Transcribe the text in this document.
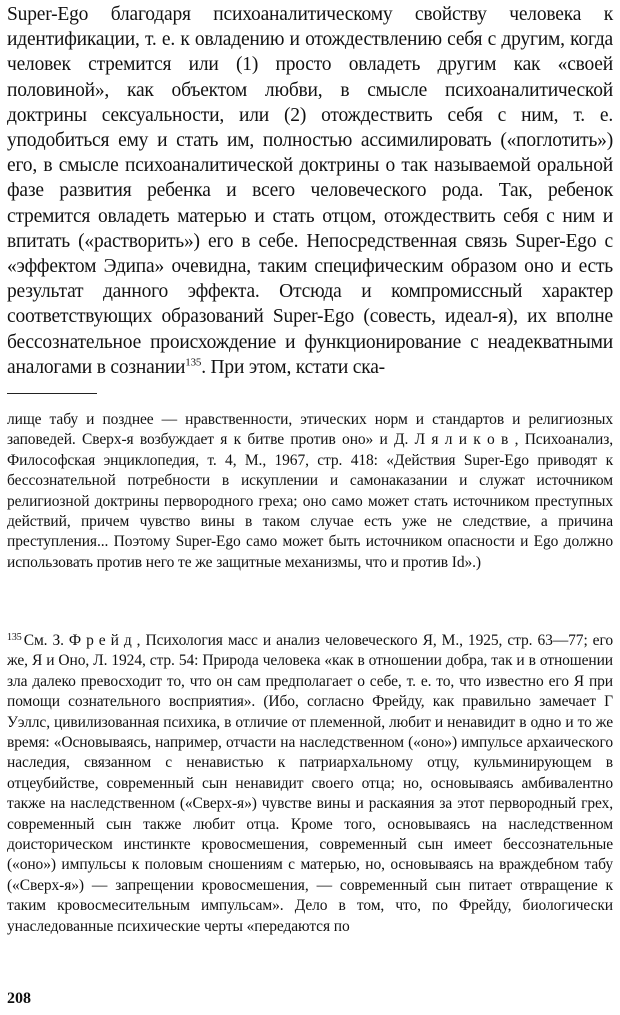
Super-Ego благодаря психоаналитическому свойству человека к идентификации, т. е. к овладению и отождествлению себя с другим, когда человек стремится или (1) просто овладеть другим как «своей половиной», как объектом любви, в смысле психоаналитической доктрины сексуальности, или (2) отождествить себя с ним, т. е. уподобиться ему и стать им, полностью ассимилировать («поглотить») его, в смысле психоаналитической доктрины о так называемой оральной фазе развития ребенка и всего человеческого рода. Так, ребенок стремится овладеть матерью и стать отцом, отождествить себя с ним и впитать («растворить») его в себе. Непосредственная связь Super-Ego с «эффектом Эдипа» очевидна, таким специфическим образом оно и есть результат данного эффекта. Отсюда и компромиссный характер соответствующих образований Super-Ego (совесть, идеал-я), их вполне бессознательное происхождение и функционирование с неадекватными аналогами в сознании$^{135}$. При этом, кстати ска-

лище табу и позднее — нравственности, этических норм и стандартов и религиозных заповедей. Сверх-я возбуждает я к битве против оно» и Д. Л я л и к о в , Психоанализ, Философская энциклопедия, т. 4, М., 1967, стр. 418: «Действия Super-Ego приводят к бессознательной потребности в искуплении и самонаказании и служат источником религиозной доктрины первородного греха; оно само может стать источником преступных действий, причем чувство вины в таком случае есть уже не следствие, а причина преступления... Поэтому Super-Ego само может быть источником опасности и Ego должно использовать против него те же защитные механизмы, что и против Id».)

$^{135}$ См. З. Ф р е й д , Психология масс и анализ человеческого Я, М., 1925, стр. 63—77; его же, Я и Оно, Л. 1924, стр. 54: Природа человека «как в отношении добра, так и в отношении зла далеко превосходит то, что он сам предполагает о себе, т. е. то, что известно его Я при помощи сознательного восприятия». (Ибо, согласно Фрейду, как правильно замечает Г Уэллс, цивилизованная психика, в отличие от племенной, любит и ненавидит в одно и то же время: «Основываясь, например, отчасти на наследственном («оно») импульсе архаического наследия, связанном с ненавистью к патриархальному отцу, кульминирующем в отцеубийстве, современный сын ненавидит своего отца; но, основываясь амбивалентно также на наследственном («Сверх-я») чувстве вины и раскаяния за этот первородный грех, современный сын также любит отца. Кроме того, основываясь на наследственном доисторическом инстинкте кровосмешения, современный сын имеет бессознательные («оно») импульсы к половым сношениям с матерью, но, основываясь на враждебном табу («Сверх-я») — запрещении кровосмешения, — современный сын питает отвращение к таким кровосмесительным импульсам». Дело в том, что, по Фрейду, биологически унаследованные психические черты «передаются по

208
